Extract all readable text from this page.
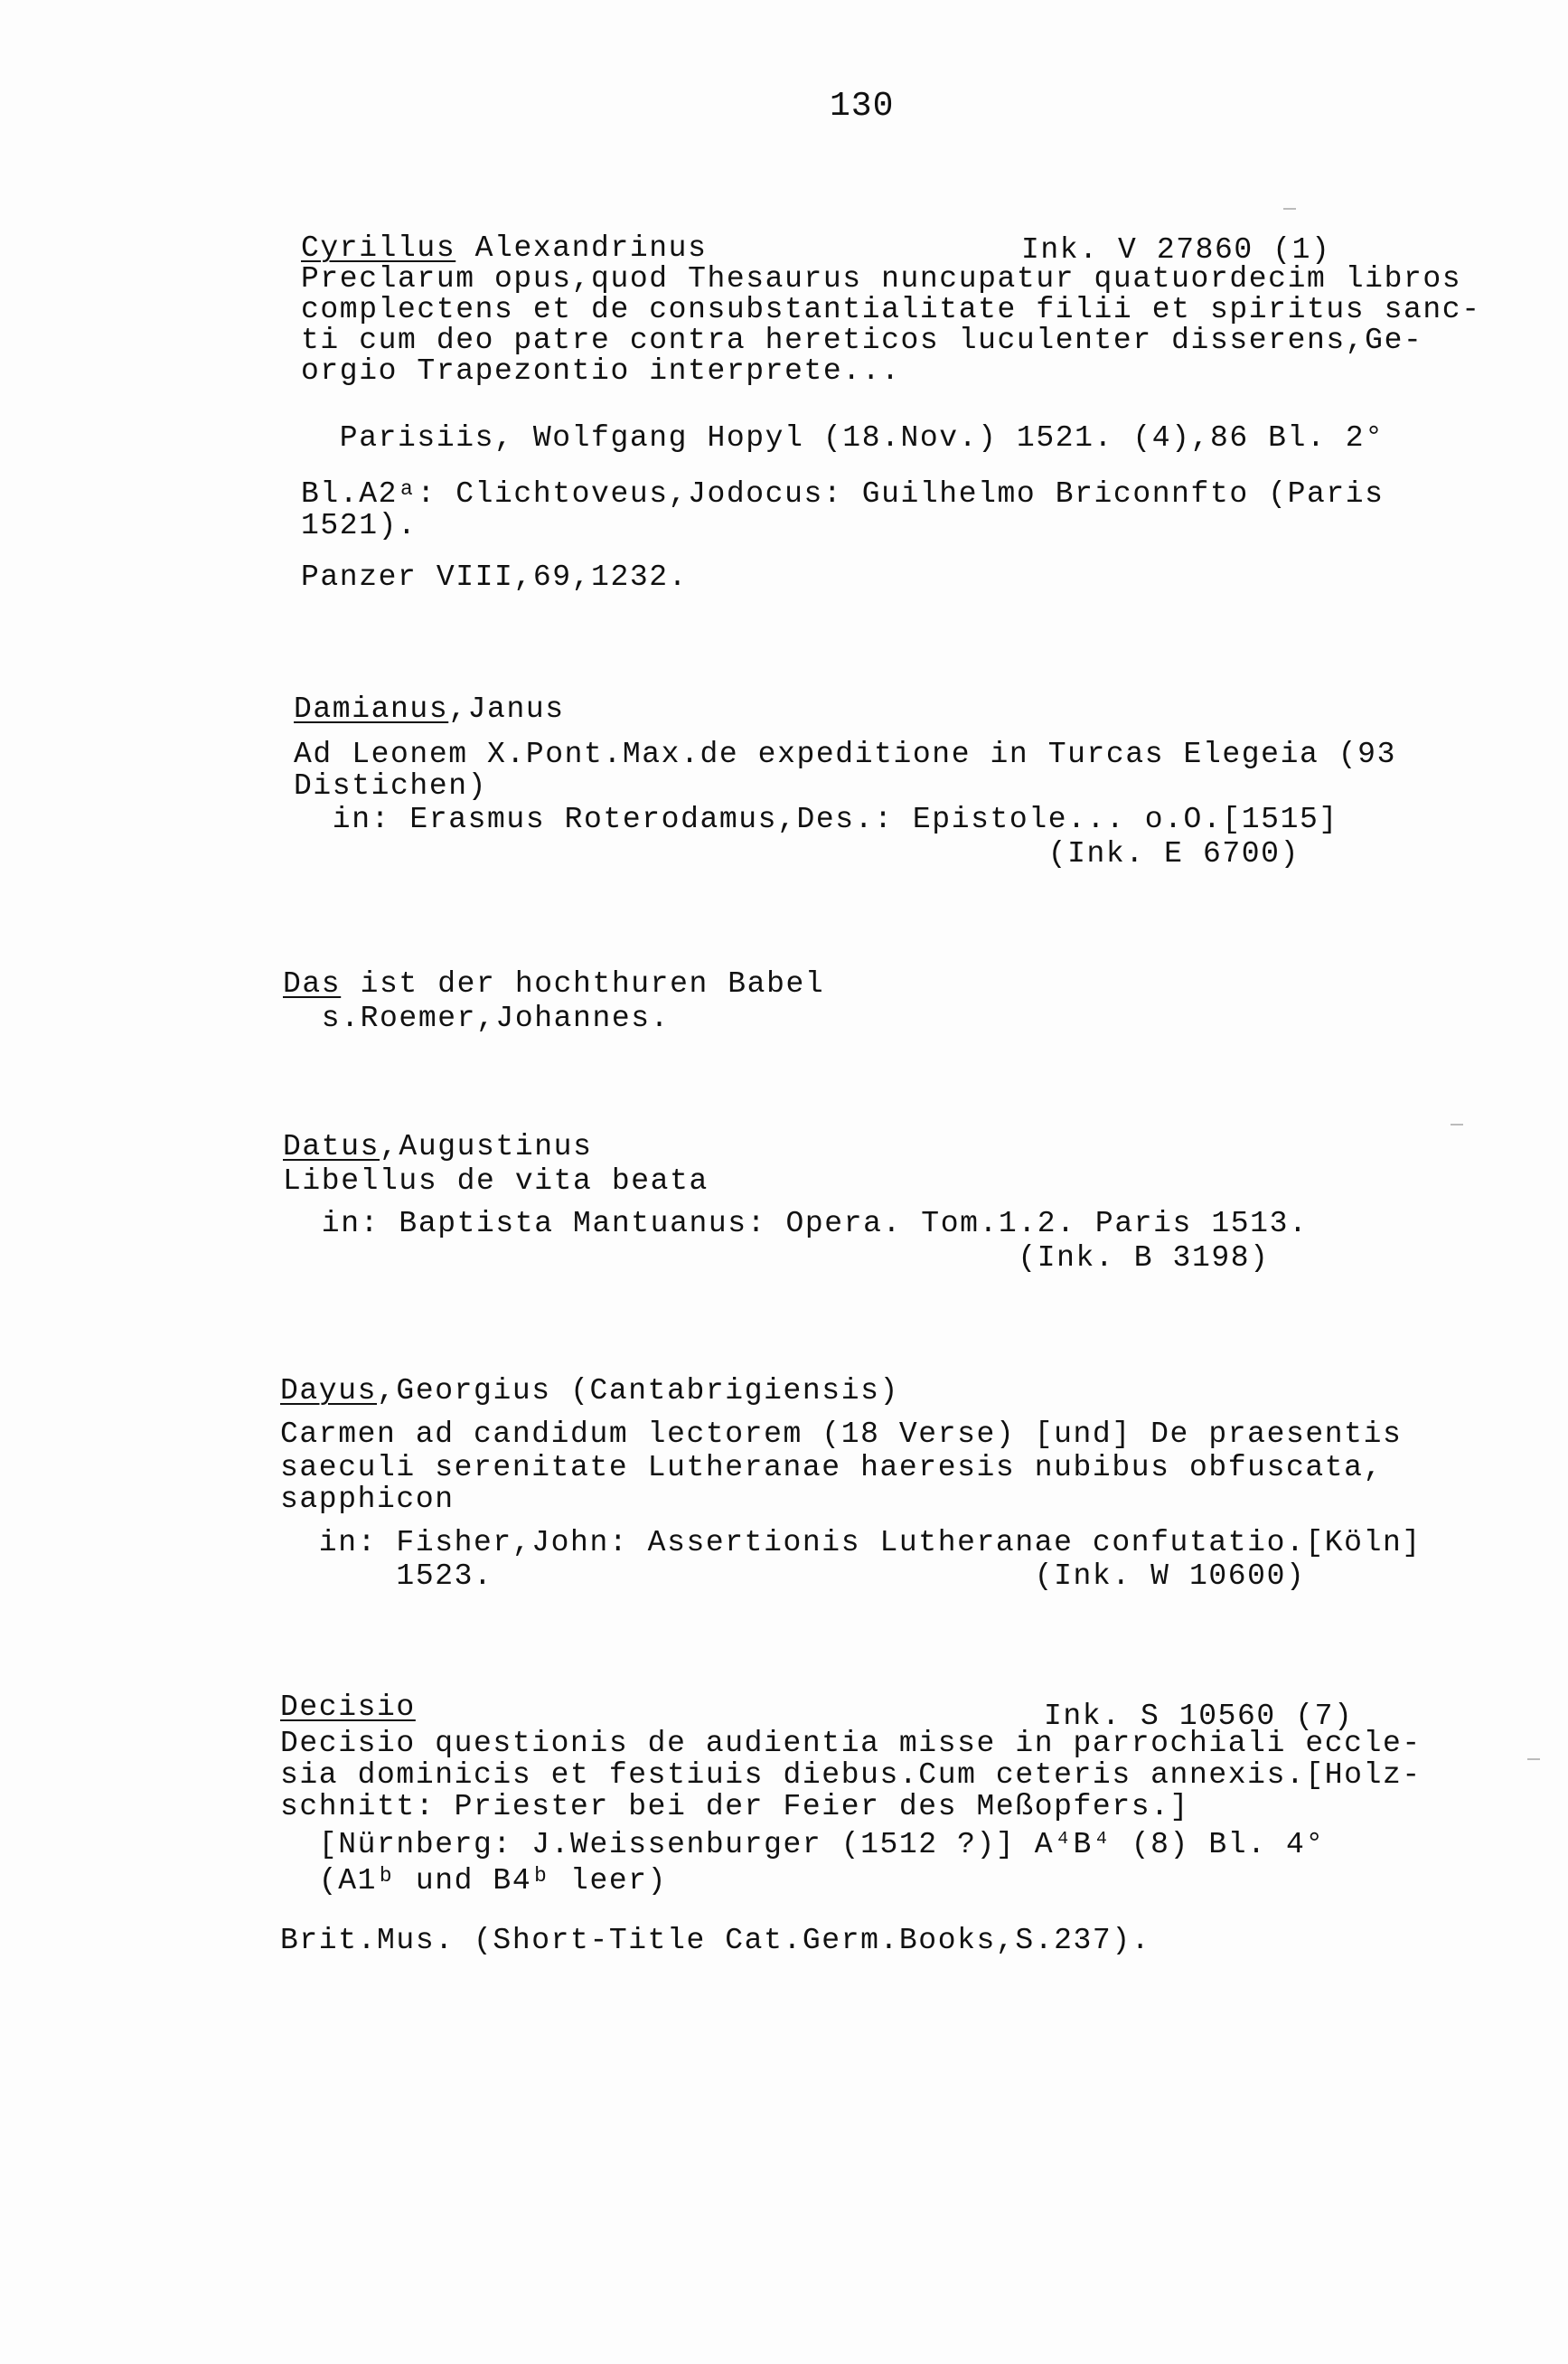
130
Cyrillus Alexandrinus	Ink. V 27860 (1)
Preclarum opus,quod Thesaurus nuncupatur quatuordecim libros
complectens et de consubstantialitate filii et spiritus sanc-
ti cum deo patre contra hereticos luculenter disserens,Ge-
orgio Trapezontio interprete...
Parisiis, Wolfgang Hopyl (18.Nov.) 1521. (4),86 Bl. 2°
Bl.A2ᵃ: Clichtoveus,Jodocus: Guilhelmo Briconnfto (Paris
1521).
Panzer VIII,69,1232.
Damianus,Janus
Ad Leonem X.Pont.Max.de expeditione in Turcas Elegeia (93
Distichen)
in: Erasmus Roterodamus,Des.: Epistole... o.O.[1515]
(Ink. E 6700)
Das ist der hochthuren Babel
s.Roemer,Johannes.
Datus,Augustinus
Libellus de vita beata
in: Baptista Mantuanus: Opera. Tom.1.2. Paris 1513.
(Ink. B 3198)
Dayus,Georgius (Cantabrigiensis)
Carmen ad candidum lectorem (18 Verse) [und] De praesentis
saeculi serenitate Lutheranae haeresis nubibus obfuscata,
sapphicon
in: Fisher,John: Assertionis Lutheranae confutatio.[Köln]
1523.                            (Ink. W 10600)
Decisio	Ink. S 10560 (7)
Decisio questionis de audientia misse in parrochiali eccle-
sia dominicis et festiuis diebus.Cum ceteris annexis.[Holz-
schnitt: Priester bei der Feier des Meßopfers.]
[Nürnberg: J.Weissenburger (1512 ?)] A⁴B⁴ (8) Bl. 4°
(A1ᵇ und B4ᵇ leer)
Brit.Mus. (Short-Title Cat.Germ.Books,S.237).
